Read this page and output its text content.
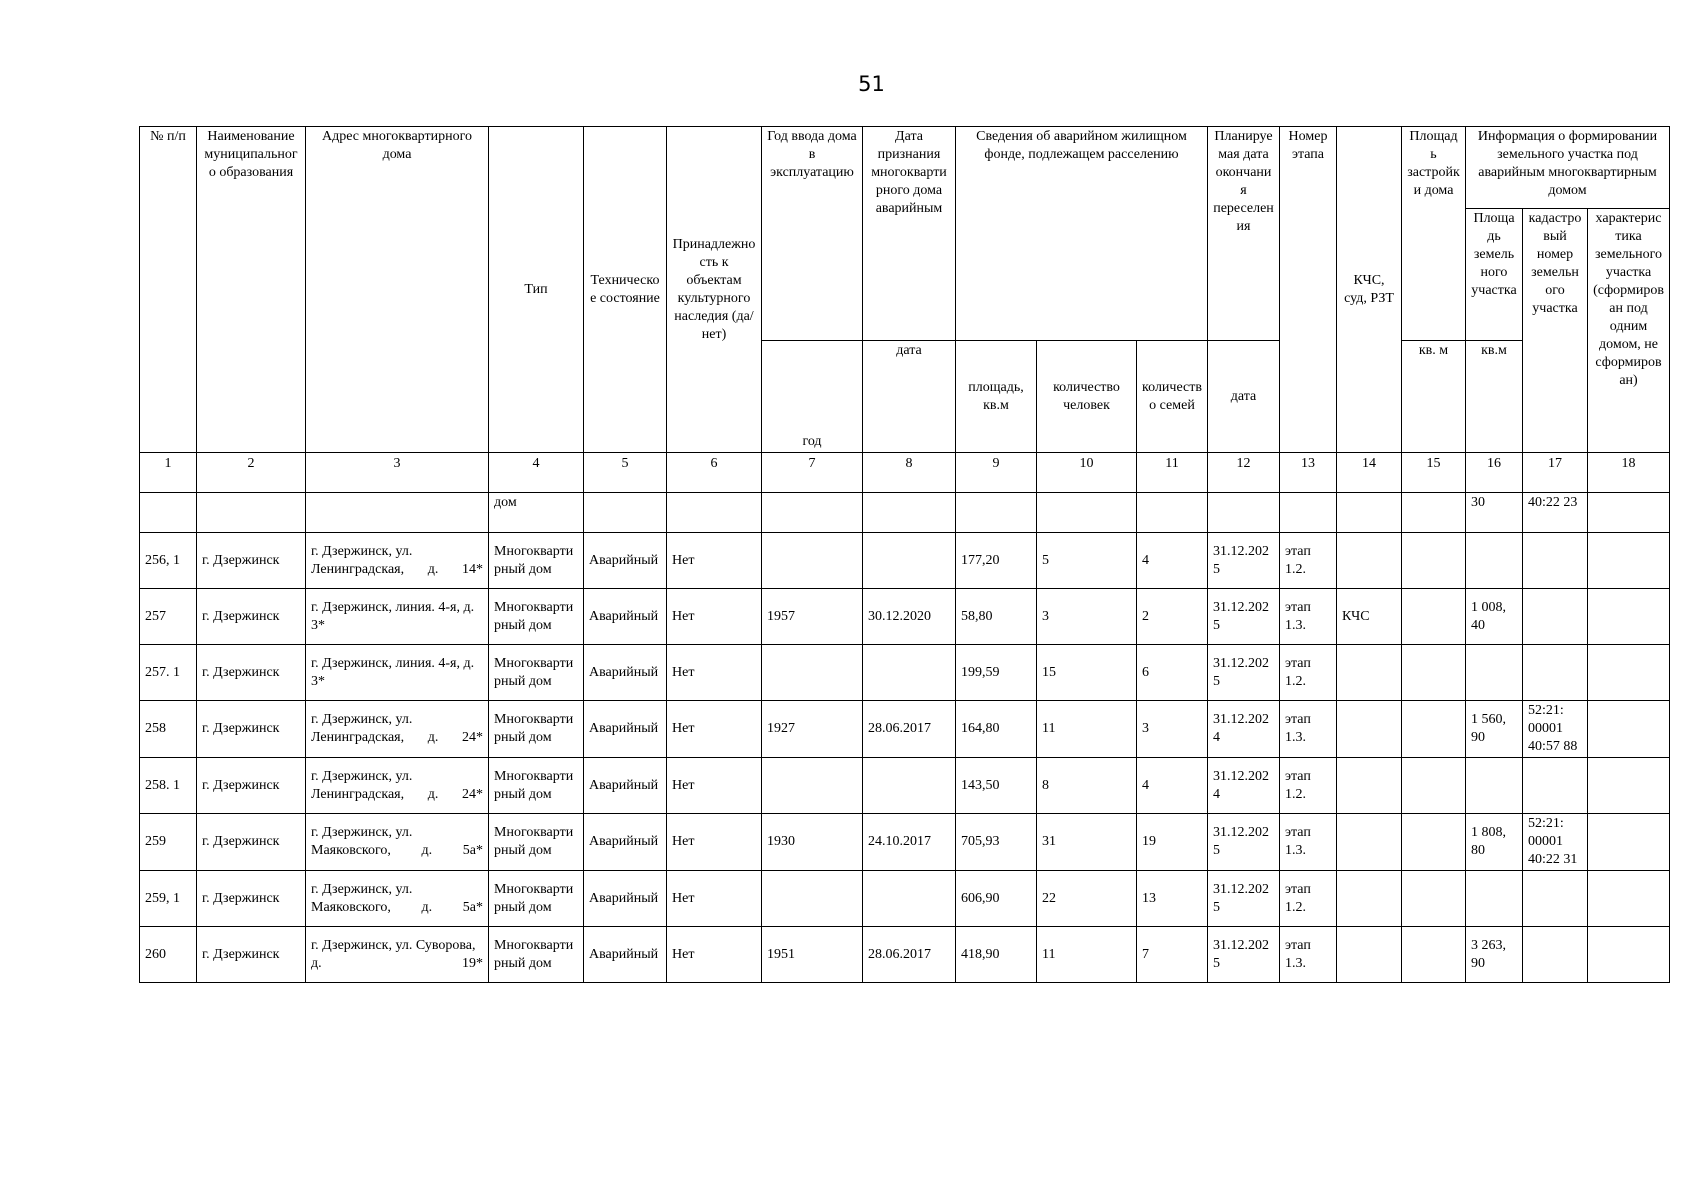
51
№ п/п	Наименование муниципального образования	Адрес многоквартирного дома	Тип	Техническое состояние	Принадлежность к объектам культурного наследия (да/нет)	Год ввода дома в эксплуатацию	Дата признания многоквартирного дома аварийным	Сведения об аварийном жилищном фонде, подлежащем расселению			Планируемая дата окончания переселения	Номер этапа	КЧС, суд, РЗТ	Площадь застройки дома	Информация о формировании земельного участка под аварийным многоквартирным домом		
															Площадь земельного участка	кадастровый номер земельного участка	характеристика земельного участка (сформирован под одним домом, не сформирован)
						год	дата	площадь, кв.м	количество человек	количество семей	дата			кв. м	кв.м		
1	2	3	4	5	6	7	8	9	10	11	12	13	14	15	16	17	18
			дом												30	40:22 23	
256, 1	г. Дзержинск	г. Дзержинск, ул. Ленинградская, д. 14*	Многоквартирный дом	Аварийный	Нет			177,20	5	4	31.12.2025	этап 1.2.					
257	г. Дзержинск	г. Дзержинск, линия. 4-я, д. 3*	Многоквартирный дом	Аварийный	Нет	1957	30.12.2020	58,80	3	2	31.12.2025	этап 1.3.	КЧС		1 008, 40		
257. 1	г. Дзержинск	г. Дзержинск, линия. 4-я, д. 3*	Многоквартирный дом	Аварийный	Нет			199,59	15	6	31.12.2025	этап 1.2.					
258	г. Дзержинск	г. Дзержинск, ул. Ленинградская, д. 24*	Многоквартирный дом	Аварийный	Нет	1927	28.06.2017	164,80	11	3	31.12.2024	этап 1.3.			1 560, 90	52:21: 00001 40:57 88	
258. 1	г. Дзержинск	г. Дзержинск, ул. Ленинградская, д. 24*	Многоквартирный дом	Аварийный	Нет			143,50	8	4	31.12.2024	этап 1.2.					
259	г. Дзержинск	г. Дзержинск, ул. Маяковского, д. 5а*	Многоквартирный дом	Аварийный	Нет	1930	24.10.2017	705,93	31	19	31.12.2025	этап 1.3.			1 808, 80	52:21: 00001 40:22 31	
259, 1	г. Дзержинск	г. Дзержинск, ул. Маяковского, д. 5а*	Многоквартирный дом	Аварийный	Нет			606,90	22	13	31.12.2025	этап 1.2.					
260	г. Дзержинск	г. Дзержинск, ул. Суворова, д. 19*	Многоквартирный дом	Аварийный	Нет	1951	28.06.2017	418,90	11	7	31.12.2025	этап 1.3.			3 263, 90		
